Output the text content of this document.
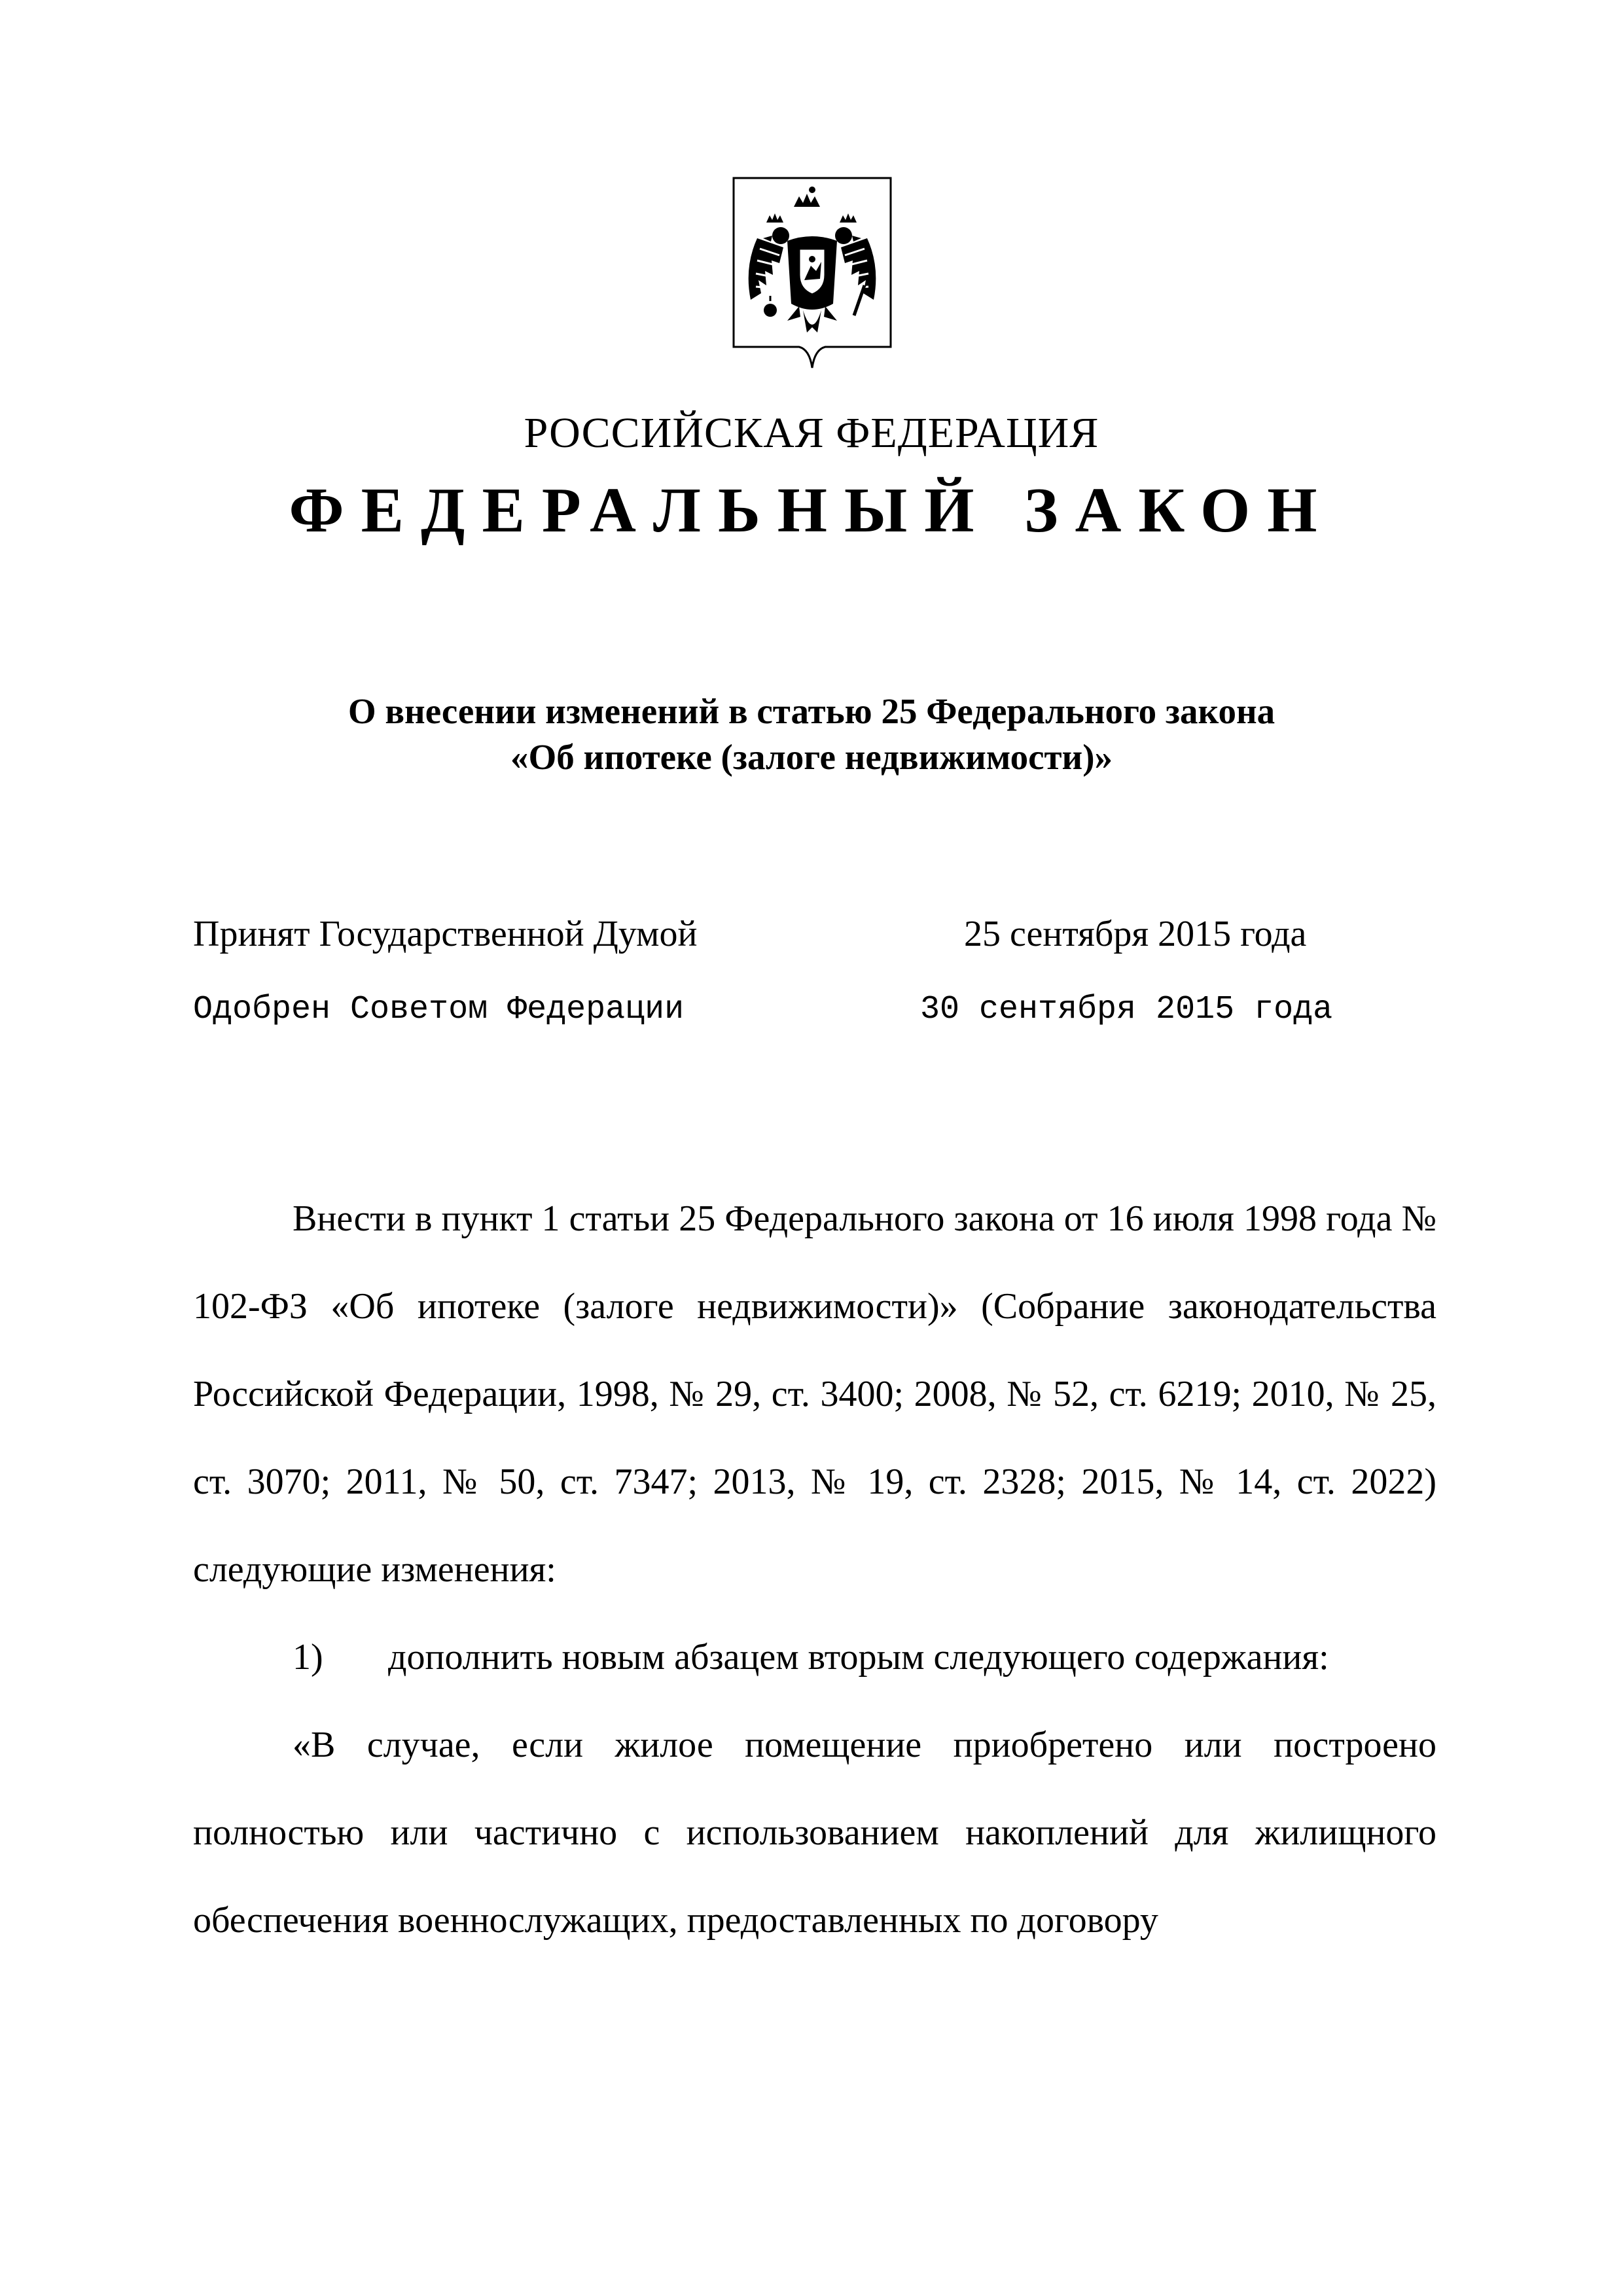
РОССИЙСКАЯ ФЕДЕРАЦИЯ
ФЕДЕРАЛЬНЫЙ ЗАКОН
О внесении изменений в статью 25 Федерального закона
«Об ипотеке (залоге недвижимости)»
Принят Государственной Думой	25 сентября 2015 года
Одобрен Советом Федерации	30 сентября 2015 года

Внести в пункт 1 статьи 25 Федерального закона от 16 июля 1998 года № 102-ФЗ «Об ипотеке (залоге недвижимости)» (Собрание законодательства Российской Федерации, 1998, № 29, ст. 3400; 2008, № 52, ст. 6219; 2010, № 25, ст. 3070; 2011, № 50, ст. 7347; 2013, № 19, ст. 2328; 2015, № 14, ст. 2022) следующие изменения:

1) дополнить новым абзацем вторым следующего содержания:

«В случае, если жилое помещение приобретено или построено полностью или частично с использованием накоплений для жилищного обеспечения военнослужащих, предоставленных по договору
